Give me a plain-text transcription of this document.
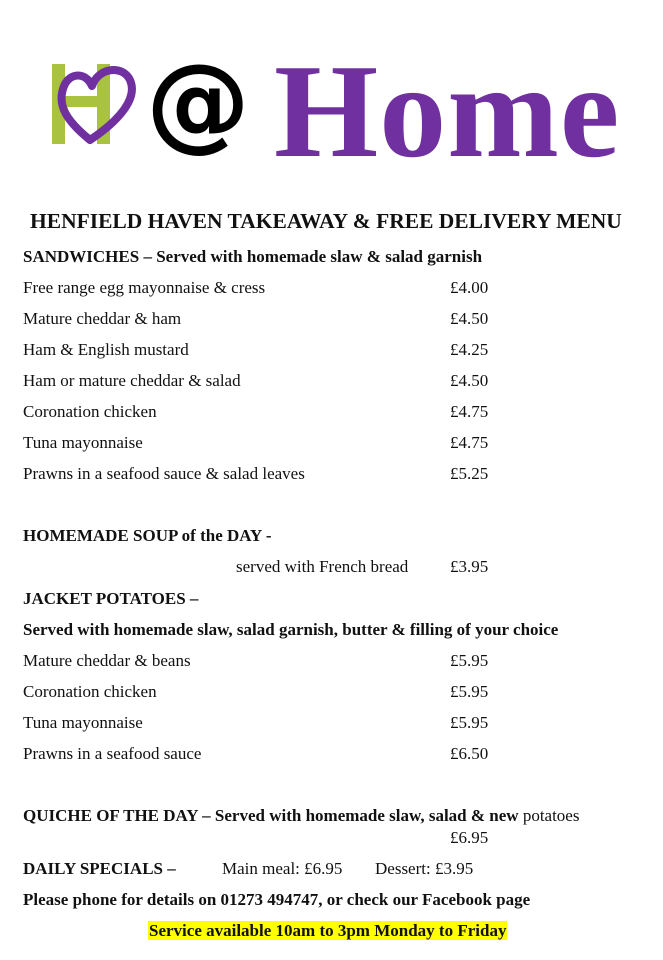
@ Home
HENFIELD HAVEN TAKEAWAY & FREE DELIVERY MENU
SANDWICHES – Served with homemade slaw & salad garnish
Free range egg mayonnaise & cress	£4.00
Mature cheddar & ham	£4.50
Ham & English mustard	£4.25
Ham or mature cheddar & salad	£4.50
Coronation chicken	£4.75
Tuna mayonnaise	£4.75
Prawns in a seafood sauce & salad leaves	£5.25
HOMEMADE SOUP of the DAY -
served with French bread £3.95
JACKET POTATOES –
Served with homemade slaw, salad garnish, butter & filling of your choice
Mature cheddar & beans	£5.95
Coronation chicken	£5.95
Tuna mayonnaise	£5.95
Prawns in a seafood sauce	£6.50
QUICHE OF THE DAY – Served with homemade slaw, salad & new potatoes
£6.95
DAILY SPECIALS –	Main meal: £6.95 Dessert: £3.95
Please phone for details on 01273 494747, or check our Facebook page
Service available 10am to 3pm Monday to Friday
